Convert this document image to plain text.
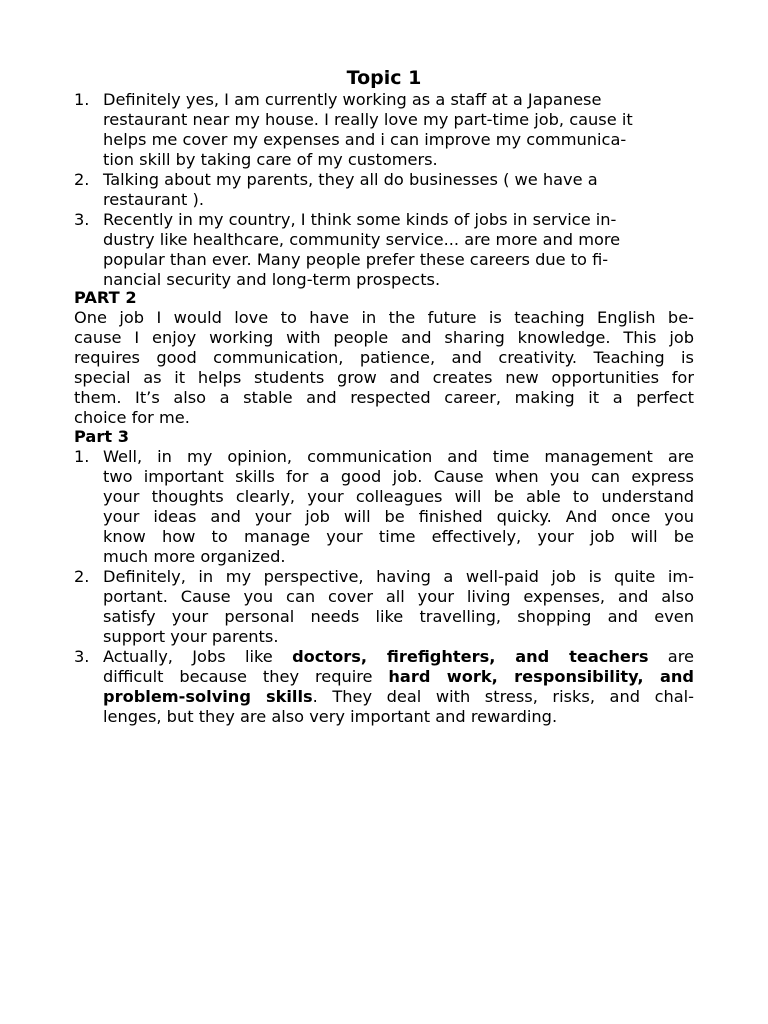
Topic 1
1. Definitely yes, I am currently working as a staff at a Japanese
restaurant near my house. I really love my part-time job, cause it
helps me cover my expenses and i can improve my communica-
tion skill by taking care of my customers.
2. Talking about my parents, they all do businesses ( we have a
restaurant ).
3. Recently in my country, I think some kinds of jobs in service in-
dustry like healthcare, community service... are more and more
popular than ever. Many people prefer these careers due to fi-
nancial security and long-term prospects.
PART 2
One job I would love to have in the future is teaching English be-
cause I enjoy working with people and sharing knowledge. This job
requires good communication, patience, and creativity. Teaching is
special as it helps students grow and creates new opportunities for
them. It’s also a stable and respected career, making it a perfect
choice for me.
Part 3
1. Well, in my opinion, communication and time management are
two important skills for a good job. Cause when you can express
your thoughts clearly, your colleagues will be able to understand
your ideas and your job will be finished quicky. And once you
know how to manage your time effectively, your job will be
much more organized.
2. Definitely, in my perspective, having a well-paid job is quite im-
portant. Cause you can cover all your living expenses, and also
satisfy your personal needs like travelling, shopping and even
support your parents.
3. Actually, Jobs like doctors, firefighters, and teachers are
difficult because they require hard work, responsibility, and
problem-solving skills. They deal with stress, risks, and chal-
lenges, but they are also very important and rewarding.
